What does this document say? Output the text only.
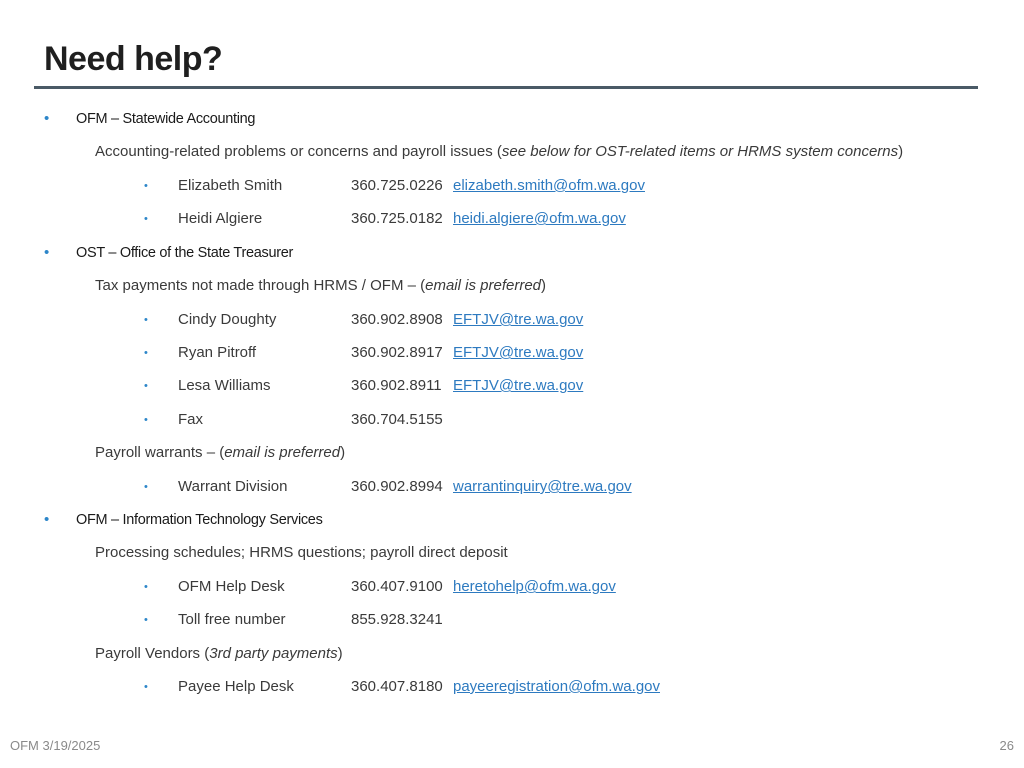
Need help?
• OFM – Statewide Accounting
Accounting-related problems or concerns and payroll issues (see below for OST-related items or HRMS system concerns)
• Elizabeth Smith	360.725.0226 elizabeth.smith@ofm.wa.gov
• Heidi Algiere	360.725.0182 heidi.algiere@ofm.wa.gov
• OST – Office of the State Treasurer
Tax payments not made through HRMS / OFM – (email is preferred)
• Cindy Doughty	360.902.8908 EFTJV@tre.wa.gov
• Ryan Pitroff	360.902.8917 EFTJV@tre.wa.gov
• Lesa Williams	360.902.8911 EFTJV@tre.wa.gov
• Fax	360.704.5155
Payroll warrants – (email is preferred)
• Warrant Division	360.902.8994 warrantinquiry@tre.wa.gov
• OFM – Information Technology Services
Processing schedules; HRMS questions; payroll direct deposit
• OFM Help Desk	360.407.9100 heretohelp@ofm.wa.gov
• Toll free number	855.928.3241
Payroll Vendors (3rd party payments)
• Payee Help Desk	360.407.8180 payeeregistration@ofm.wa.gov
OFM 3/19/2025	26
